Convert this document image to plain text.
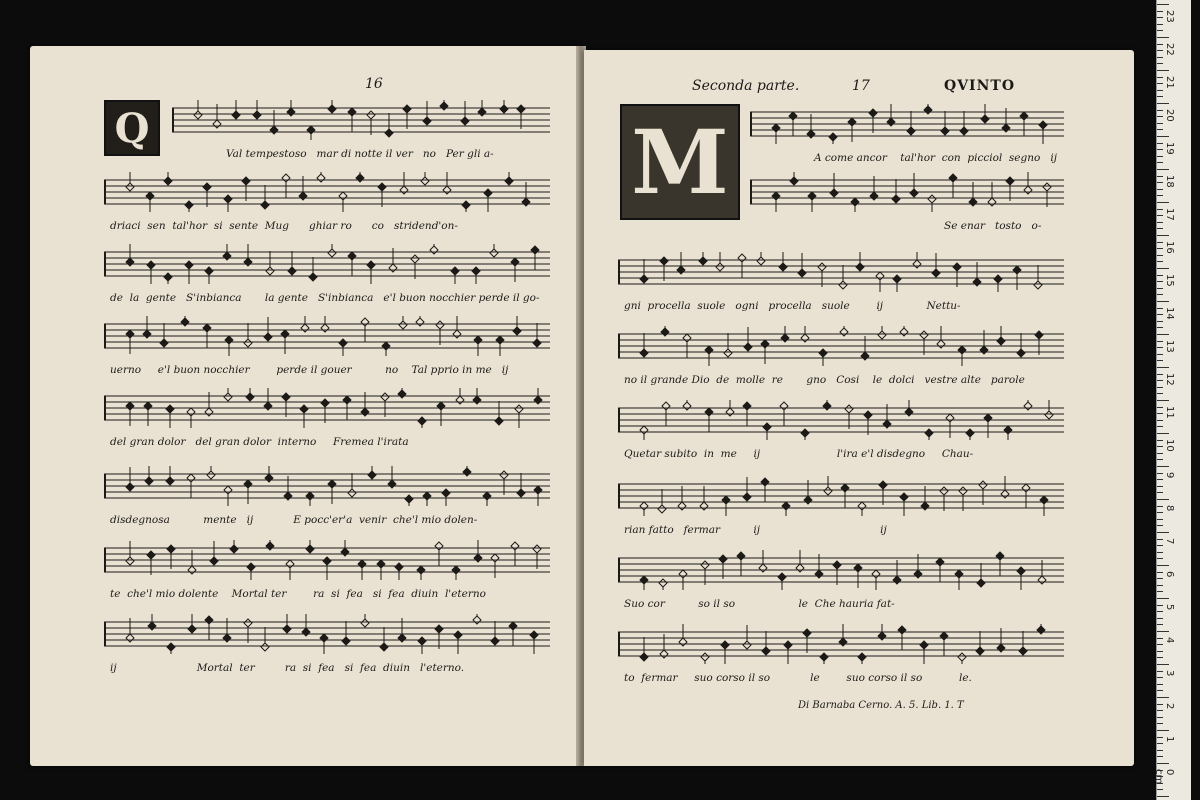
16
Q
Val tempestoso   mar di notte il ver   no   Per gli a-
driaci  sen  tal'hor  si  sente  Mug      ghiar ro      co   stridend'on-
de  la  gente   S'inbianca       la gente   S'inbianca   e'l buon nocchier perde il go-
uerno     e'l buon nocchier        perde il gouer          no    Tal pprio in me   ij
del gran dolor   del gran dolor  interno     Fremea l'irata
disdegnosa          mente   ij            E pocc'er'a  venir  che'l mio dolen-
te  che'l mio dolente    Mortal ter        ra  si  fea   si  fea  diuin  l'eterno
ij                        Mortal  ter         ra  si  fea   si  fea  diuin   l'eterno.
Seconda parte.	17	QVINTO
M	A come ancor    tal'hor  con  picciol  segno   ij
Se enar   tosto   o-
gni  procella  suole   ogni   procella   suole        ij             Nettu-
no il grande Dio  de  molle  re       gno   Cosi    le  dolci   vestre alte   parole
Quetar subito  in  me     ij                       l'ira e'l disdegno     Chau-
rian fatto   fermar          ij                                    ij
Suo cor          so il so                   le  Che hauria fat-
to  fermar     suo corso il so            le        suo corso il so           le.
Di Barnaba Cerno. A. 5. Lib. 1. T
23
22
21
20
19
18
17
16
15
14
13
12
11
10
9
8
7
6
5
4
3
2
1
0 cm
